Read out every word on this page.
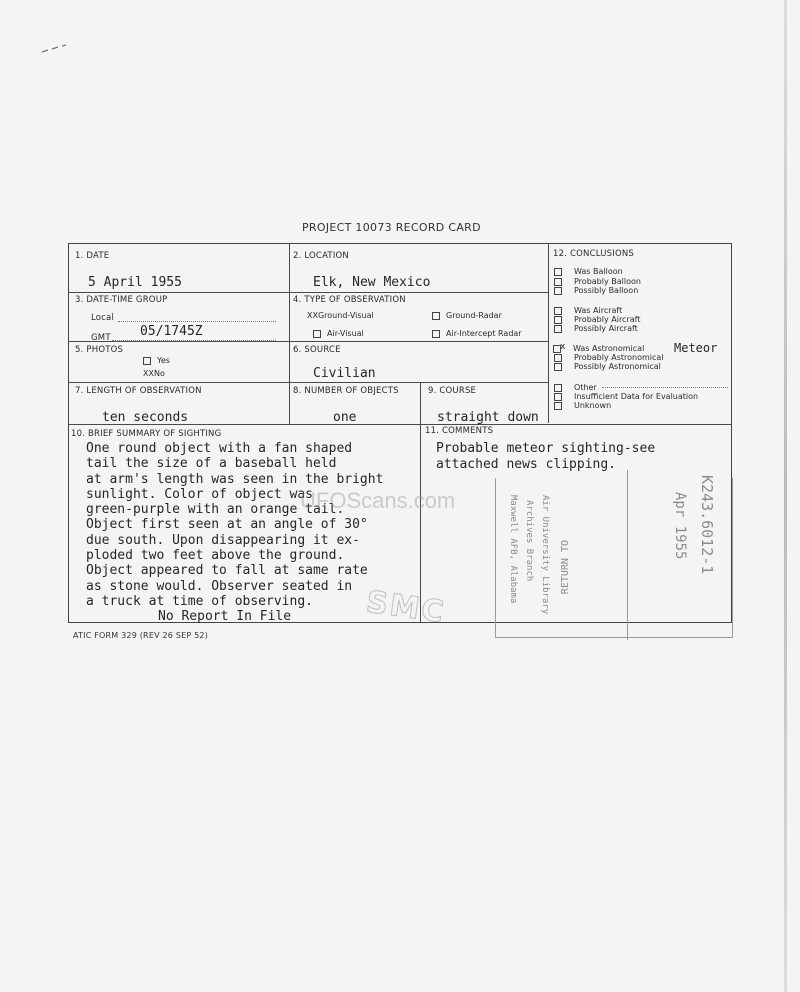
PROJECT 10073 RECORD CARD
1. DATE
5 April 1955
2. LOCATION
Elk, New Mexico
3. DATE-TIME GROUP
Local
GMT 05/1745Z
4. TYPE OF OBSERVATION
XXGround-Visual	Ground-Radar
Air-Visual	Air-Intercept Radar
5. PHOTOS
Yes
XXNo
6. SOURCE
Civilian
7. LENGTH OF OBSERVATION
ten seconds
8. NUMBER OF OBJECTS
one
9. COURSE
straight down
10. BRIEF SUMMARY OF SIGHTING
One round object with a fan shaped
tail the size of a baseball held
at arm's length was seen in the bright
sunlight. Color of object was
green-purple with an orange tail.
Object first seen at an angle of 30°
due south. Upon disappearing it ex-
ploded two feet above the ground.
Object appeared to fall at same rate
as stone would. Observer seated in
a truck at time of observing.
No Report In File
11. COMMENTS
Probable meteor sighting-see
attached news clipping.
12. CONCLUSIONS
Was Balloon
Probably Balloon
Possibly Balloon
Was Aircraft
Probably Aircraft
Possibly Aircraft
x Was Astronomical
Probably Astronomical
Possibly Astronomical
Other
Insufficient Data for Evaluation
Unknown
Meteor
RETURN TO
Air University Library
Archives Branch
Maxwell AFB, Alabama	K243.6012-1
Apr 1955
SMC
UFOScans.com
ATIC FORM 329 (REV 26 SEP 52)
